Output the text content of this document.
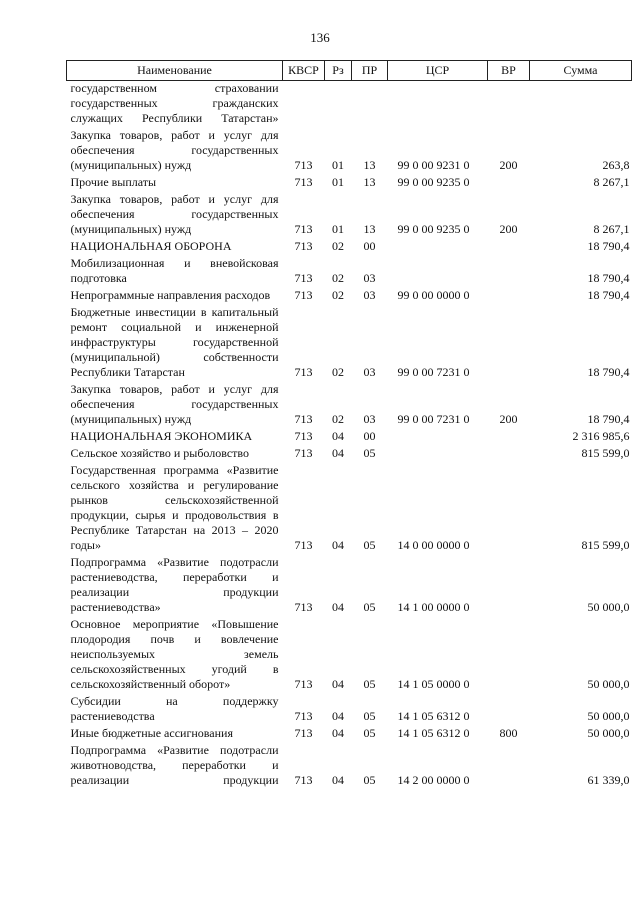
136
Наименование	КВСР	Рз	ПР	ЦСР	ВР	Сумма
государственном страховании государственных гражданских служащих Республики Татарстан»						
Закупка товаров, работ и услуг для обеспечения государственных (муниципальных) нужд	713	01	13	99 0 00 9231 0	200	263,8
Прочие выплаты	713	01	13	99 0 00 9235 0		8 267,1
Закупка товаров, работ и услуг для обеспечения государственных (муниципальных) нужд	713	01	13	99 0 00 9235 0	200	8 267,1
НАЦИОНАЛЬНАЯ ОБОРОНА	713	02	00			18 790,4
Мобилизационная и вневойсковая подготовка	713	02	03			18 790,4
Непрограммные направления расходов	713	02	03	99 0 00 0000 0		18 790,4
Бюджетные инвестиции в капитальный ремонт социальной и инженерной инфраструктуры государственной (муниципальной) собственности Республики Татарстан	713	02	03	99 0 00 7231 0		18 790,4
Закупка товаров, работ и услуг для обеспечения государственных (муниципальных) нужд	713	02	03	99 0 00 7231 0	200	18 790,4
НАЦИОНАЛЬНАЯ ЭКОНОМИКА	713	04	00			2 316 985,6
Сельское хозяйство и рыболовство	713	04	05			815 599,0
Государственная программа «Развитие сельского хозяйства и регулирование рынков сельскохозяйственной продукции, сырья и продовольствия в Республике Татарстан на 2013 – 2020 годы»	713	04	05	14 0 00 0000 0		815 599,0
Подпрограмма «Развитие подотрасли растениеводства, переработки и реализации продукции растениеводства»	713	04	05	14 1 00 0000 0		50 000,0
Основное мероприятие «Повышение плодородия почв и вовлечение неиспользуемых земель сельскохозяйственных угодий в сельскохозяйственный оборот»	713	04	05	14 1 05 0000 0		50 000,0
Субсидии на поддержку растениеводства	713	04	05	14 1 05 6312 0		50 000,0
Иные бюджетные ассигнования	713	04	05	14 1 05 6312 0	800	50 000,0
Подпрограмма «Развитие подотрасли животноводства, переработки и реализации продукции	713	04	05	14 2 00 0000 0		61 339,0
